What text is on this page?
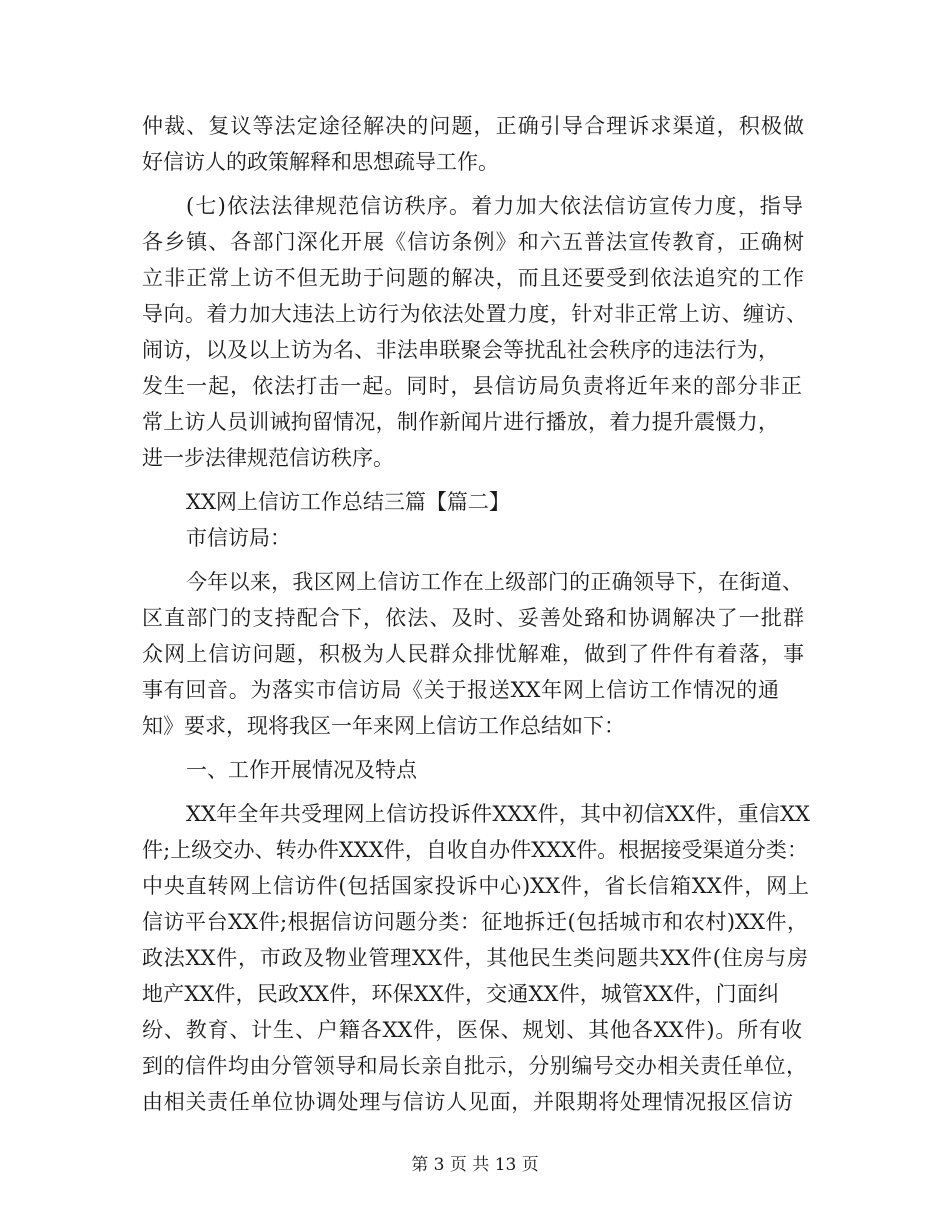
仲裁、复议等法定途径解决的问题，正确引导合理诉求渠道，积极做
好信访人的政策解释和思想疏导工作。
(七)依法法律规范信访秩序。着力加大依法信访宣传力度，指导
各乡镇、各部门深化开展《信访条例》和六五普法宣传教育，正确树
立非正常上访不但无助于问题的解决，而且还要受到依法追究的工作
导向。着力加大违法上访行为依法处置力度，针对非正常上访、缠访、
闹访，以及以上访为名、非法串联聚会等扰乱社会秩序的违法行为，
发生一起，依法打击一起。同时，县信访局负责将近年来的部分非正
常上访人员训诫拘留情况，制作新闻片进行播放，着力提升震慑力，
进一步法律规范信访秩序。
XX网上信访工作总结三篇【篇二】
市信访局：
今年以来，我区网上信访工作在上级部门的正确领导下，在街道、
区直部门的支持配合下，依法、及时、妥善处臵和协调解决了一批群
众网上信访问题，积极为人民群众排忧解难，做到了件件有着落，事
事有回音。为落实市信访局《关于报送XX年网上信访工作情况的通
知》要求，现将我区一年来网上信访工作总结如下：
一、工作开展情况及特点
XX年全年共受理网上信访投诉件XXX件，其中初信XX件，重信XX
件;上级交办、转办件XXX件，自收自办件XXX件。根据接受渠道分类：
中央直转网上信访件(包括国家投诉中心)XX件，省长信箱XX件，网上
信访平台XX件;根据信访问题分类：征地拆迁(包括城市和农村)XX件，
政法XX件，市政及物业管理XX件，其他民生类问题共XX件(住房与房
地产XX件，民政XX件，环保XX件，交通XX件，城管XX件，门面纠
纷、教育、计生、户籍各XX件，医保、规划、其他各XX件)。所有收
到的信件均由分管领导和局长亲自批示，分别编号交办相关责任单位，
由相关责任单位协调处理与信访人见面，并限期将处理情况报区信访
第 3 页 共 13 页
